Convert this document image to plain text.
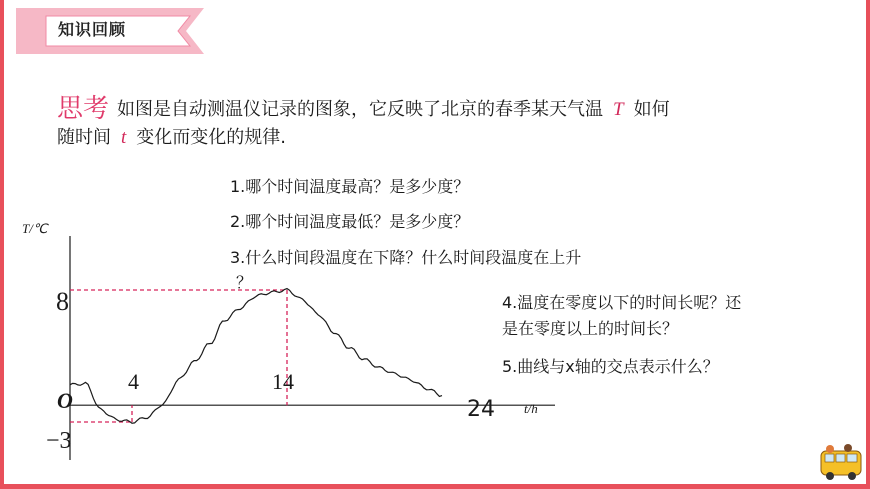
知识回顾
思考 如图是自动测温仪记录的图象，它反映了北京的春季某天气温 T 如何
随时间 t 变化而变化的规律.
1.哪个时间温度最高？是多少度？
2.哪个时间温度最低？是多少度？
3.什么时间段温度在下降？什么时间段温度在上升
？
4.温度在零度以下的时间长呢？还
是在零度以上的时间长？
5.曲线与x轴的交点表示什么？
T/℃
t/h
O
8
−3
4	14
24
